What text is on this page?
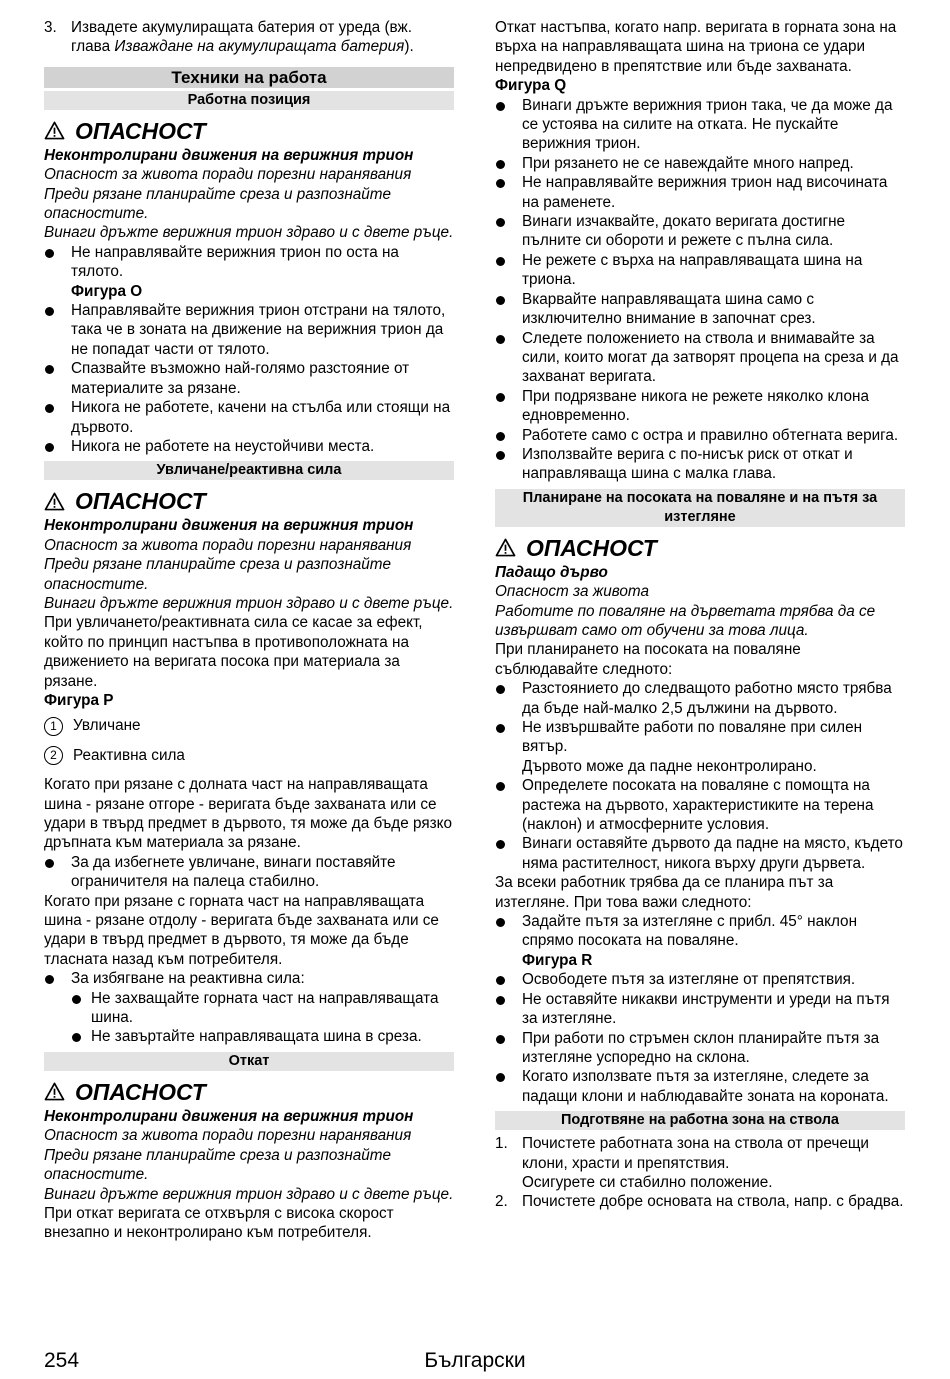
3. Извадете акумулиращата батерия от уреда (вж. глава Изваждане на акумулиращата батерия).
Техники на работа
Работна позиция
ОПАСНОСТ

Неконтролирани движения на верижния трион

Опасност за живота поради порезни наранявания

Преди рязане планирайте среза и разпознайте опасностите.

Винаги дръжте верижния трион здраво и с двете ръце.

Не направлявайте верижния трион по оста на тялото.

Фигура O

Направлявайте верижния трион отстрани на тялото, така че в зоната на движение на верижния трион да не попадат части от тялото.

Спазвайте възможно най-голямо разстояние от материалите за рязане.

Никога не работете, качени на стълба или стоящи на дървото.

Никога не работете на неустойчиви места.

Увличане/реактивна сила
ОПАСНОСТ

Неконтролирани движения на верижния трион

Опасност за живота поради порезни наранявания

Преди рязане планирайте среза и разпознайте опасностите.

Винаги дръжте верижния трион здраво и с двете ръце.

При увличането/реактивната сила се касае за ефект, който по принцип настъпва в противоположната на движението на веригата посока при материала за рязане.

Фигура P

1	Увличане
2	Реактивна сила

Когато при рязане с долната част на направляващата шина - рязане отгоре - веригата бъде захваната или се удари в твърд предмет в дървото, тя може да бъде рязко дръпната към материала за рязане.

За да избегнете увличане, винаги поставяйте ограничителя на палеца стабилно.

Когато при рязане с горната част на направляващата шина - рязане отдолу - веригата бъде захваната или се удари в твърд предмет в дървото, тя може да бъде тласната назад към потребителя.

За избягване на реактивна сила:

Не захващайте горната част на направляващата шина.

Не завъртайте направляващата шина в среза.

Откат
ОПАСНОСТ

Неконтролирани движения на верижния трион

Опасност за живота поради порезни наранявания

Преди рязане планирайте среза и разпознайте опасностите.

Винаги дръжте верижния трион здраво и с двете ръце.

При откат веригата се отхвърля с висока скорост внезапно и неконтролирано към потребителя.

Откат настъпва, когато напр. веригата в горната зона на върха на направляващата шина на триона се удари непредвидено в препятствие или бъде захваната.

Фигура Q

Винаги дръжте верижния трион така, че да може да се устоява на силите на отката. Не пускайте верижния трион.

При рязането не се навеждайте много напред.

Не направлявайте верижния трион над височината на раменете.

Винаги изчаквайте, докато веригата достигне пълните си обороти и режете с пълна сила.

Не режете с върха на направляващата шина на триона.

Вкарвайте направляващата шина само с изключително внимание в започнат срез.

Следете положението на ствола и внимавайте за сили, които могат да затворят процепа на среза и да захванат веригата.

При подрязване никога не режете няколко клона едновременно.

Работете само с остра и правилно обтегната верига.

Използвайте верига с по-нисък риск от откат и направляваща шина с малка глава.

Планиране на посоката на поваляне и на пътя за изтегляне
ОПАСНОСТ

Падащо дърво

Опасност за живота

Работите по поваляне на дърветата трябва да се извършват само от обучени за това лица.

При планирането на посоката на поваляне съблюдавайте следното:

Разстоянието до следващото работно място трябва да бъде най-малко 2,5 дължини на дървото.

Не извършвайте работи по поваляне при силен вятър.

Дървото може да падне неконтролирано.

Определете посоката на поваляне с помощта на растежа на дървото, характеристиките на терена (наклон) и атмосферните условия.

Винаги оставяйте дървото да падне на място, където няма растителност, никога върху други дървета.

За всеки работник трябва да се планира път за изтегляне. При това важи следното:

Задайте пътя за изтегляне с прибл. 45° наклон спрямо посоката на поваляне.

Фигура R

Освободете пътя за изтегляне от препятствия.

Не оставяйте никакви инструменти и уреди на пътя за изтегляне.

При работи по стръмен склон планирайте пътя за изтегляне успоредно на склона.

Когато използвате пътя за изтегляне, следете за падащи клони и наблюдавайте зоната на короната.

Подготвяне на работна зона на ствола
1. Почистете работната зона на ствола от пречещи клони, храсти и препятствия.
Осигурете си стабилно положение.
2. Почистете добре основата на ствола, напр. с брадва.
254	Български
